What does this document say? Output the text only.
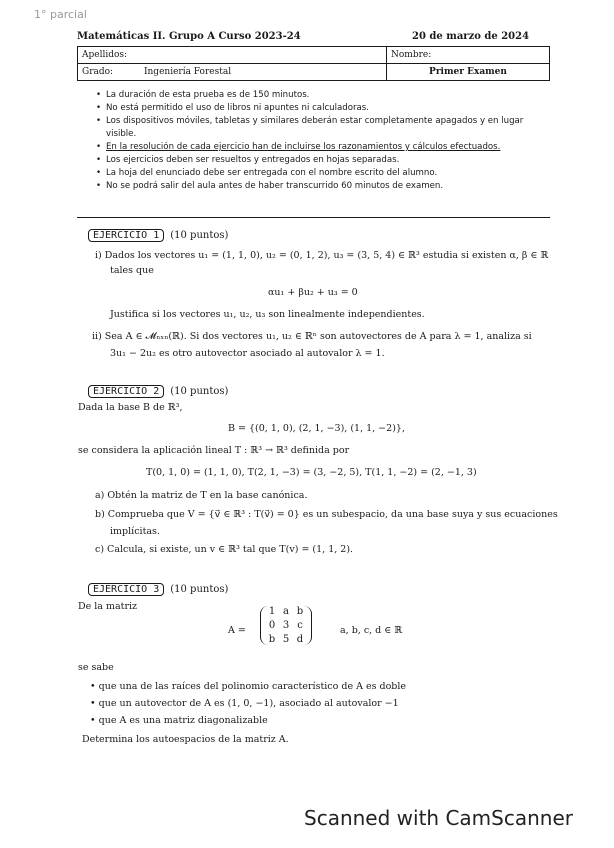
1° parcial
Matemáticas II. Grupo A Curso 2023-24	20 de marzo de 2024
Apellidos:	Nombre:
Grado: Ingeniería Forestal	Primer Examen
• La duración de esta prueba es de 150 minutos.
• No está permitido el uso de libros ni apuntes ni calculadoras.
• Los dispositivos móviles, tabletas y similares deberán estar completamente apagados y en lugar
visible.
• En la resolución de cada ejercicio han de incluirse los razonamientos y cálculos efectuados.
• Los ejercicios deben ser resueltos y entregados en hojas separadas.
• La hoja del enunciado debe ser entregada con el nombre escrito del alumno.
• No se podrá salir del aula antes de haber transcurrido 60 minutos de examen.
EJERCICIO 1 (10 puntos)
i) Dados los vectores u₁ = (1, 1, 0), u₂ = (0, 1, 2), u₃ = (3, 5, 4) ∈ ℝ³ estudia si existen α, β ∈ ℝ
tales que
αu₁ + βu₂ + u₃ = 0
Justifica si los vectores u₁, u₂, u₃ son linealmente independientes.
ii) Sea A ∈ 𝓜ₙₓₙ(ℝ). Si dos vectores u₁, u₂ ∈ ℝⁿ son autovectores de A para λ = 1, analiza si
3u₁ − 2u₂ es otro autovector asociado al autovalor λ = 1.
EJERCICIO 2 (10 puntos)
Dada la base B de ℝ³,
B = {(0, 1, 0), (2, 1, −3), (1, 1, −2)},
se considera la aplicación lineal T : ℝ³ → ℝ³ definida por
T(0, 1, 0) = (1, 1, 0), T(2, 1, −3) = (3, −2, 5), T(1, 1, −2) = (2, −1, 3)
a) Obtén la matriz de T en la base canónica.
b) Comprueba que V = {v⃗ ∈ ℝ³ : T(v⃗) = 0} es un subespacio, da una base suya y sus ecuaciones
implícitas.
c) Calcula, si existe, un v ∈ ℝ³ tal que T(v) = (1, 1, 2).
EJERCICIO 3 (10 puntos)
De la matriz
A =
1 a b
0 3 c
b 5 d
a, b, c, d ∈ ℝ
se sabe
• que una de las raíces del polinomio característico de A es doble
• que un autovector de A es (1, 0, −1), asociado al autovalor −1
• que A es una matriz diagonalizable
Determina los autoespacios de la matriz A.
Scanned with CamScanner
